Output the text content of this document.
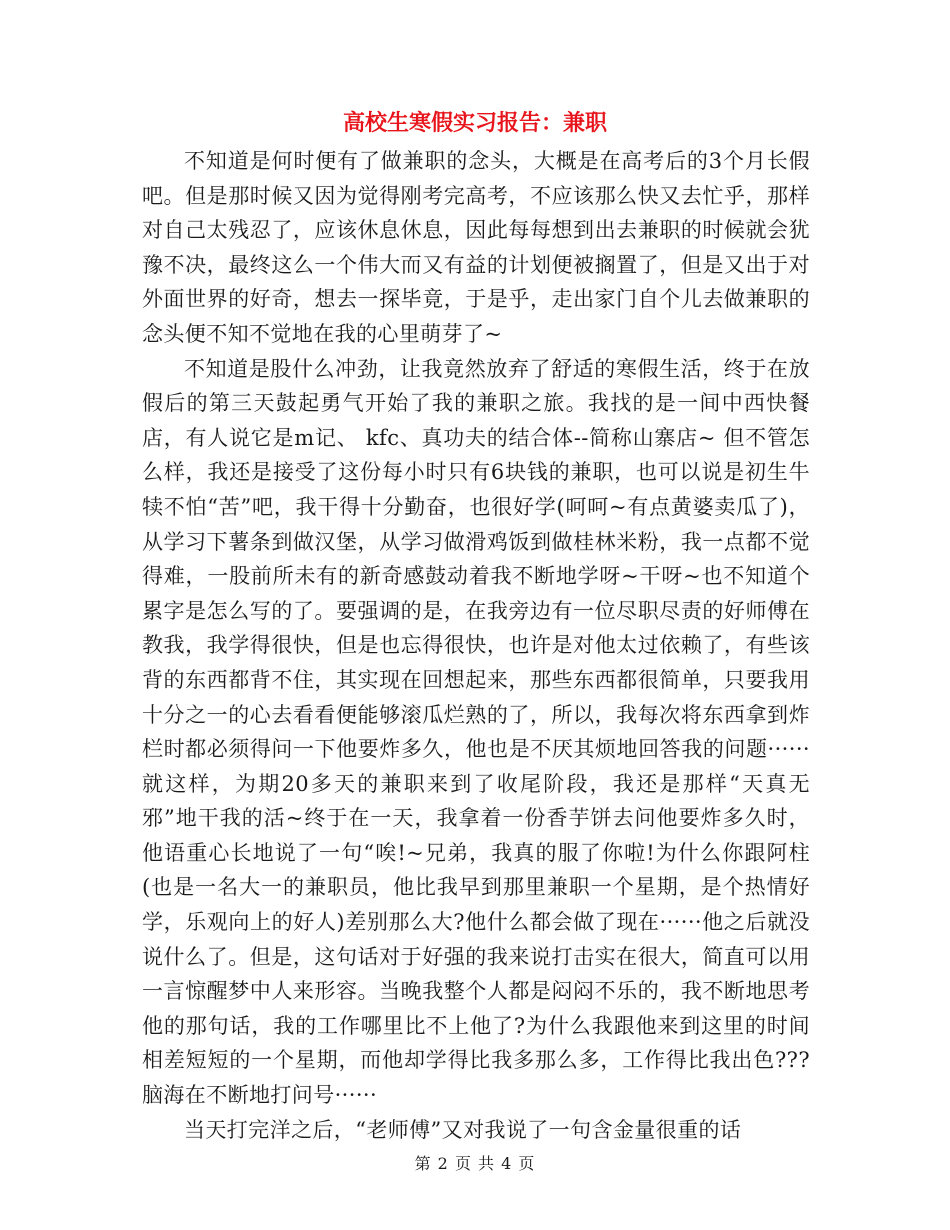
高校生寒假实习报告：兼职

不知道是何时便有了做兼职的念头，大概是在高考后的3个月长假吧。但是那时候又因为觉得刚考完高考，不应该那么快又去忙乎，那样对自己太残忍了，应该休息休息，因此每每想到出去兼职的时候就会犹豫不决，最终这么一个伟大而又有益的计划便被搁置了，但是又出于对外面世界的好奇，想去一探毕竟，于是乎，走出家门自个儿去做兼职的念头便不知不觉地在我的心里萌芽了~

不知道是股什么冲劲，让我竟然放弃了舒适的寒假生活，终于在放假后的第三天鼓起勇气开始了我的兼职之旅。我找的是一间中西快餐店，有人说它是m记、 kfc、真功夫的结合体--简称山寨店~ 但不管怎么样，我还是接受了这份每小时只有6块钱的兼职，也可以说是初生牛犊不怕“苦”吧，我干得十分勤奋，也很好学(呵呵~有点黄婆卖瓜了)，从学习下薯条到做汉堡，从学习做滑鸡饭到做桂林米粉，我一点都不觉得难，一股前所未有的新奇感鼓动着我不断地学呀~干呀~也不知道个累字是怎么写的了。要强调的是，在我旁边有一位尽职尽责的好师傅在教我，我学得很快，但是也忘得很快，也许是对他太过依赖了，有些该背的东西都背不住，其实现在回想起来，那些东西都很简单，只要我用十分之一的心去看看便能够滚瓜烂熟的了，所以，我每次将东西拿到炸栏时都必须得问一下他要炸多久，他也是不厌其烦地回答我的问题······就这样，为期20多天的兼职来到了收尾阶段，我还是那样“天真无邪”地干我的活~终于在一天，我拿着一份香芋饼去问他要炸多久时，他语重心长地说了一句“唉!~兄弟，我真的服了你啦!为什么你跟阿柱(也是一名大一的兼职员，他比我早到那里兼职一个星期，是个热情好学，乐观向上的好人)差别那么大?他什么都会做了现在······他之后就没说什么了。但是，这句话对于好强的我来说打击实在很大，简直可以用一言惊醒梦中人来形容。当晚我整个人都是闷闷不乐的，我不断地思考他的那句话，我的工作哪里比不上他了?为什么我跟他来到这里的时间相差短短的一个星期，而他却学得比我多那么多，工作得比我出色???脑海在不断地打问号······

当天打完洋之后，“老师傅”又对我说了一句含金量很重的话

第 2 页 共 4 页
